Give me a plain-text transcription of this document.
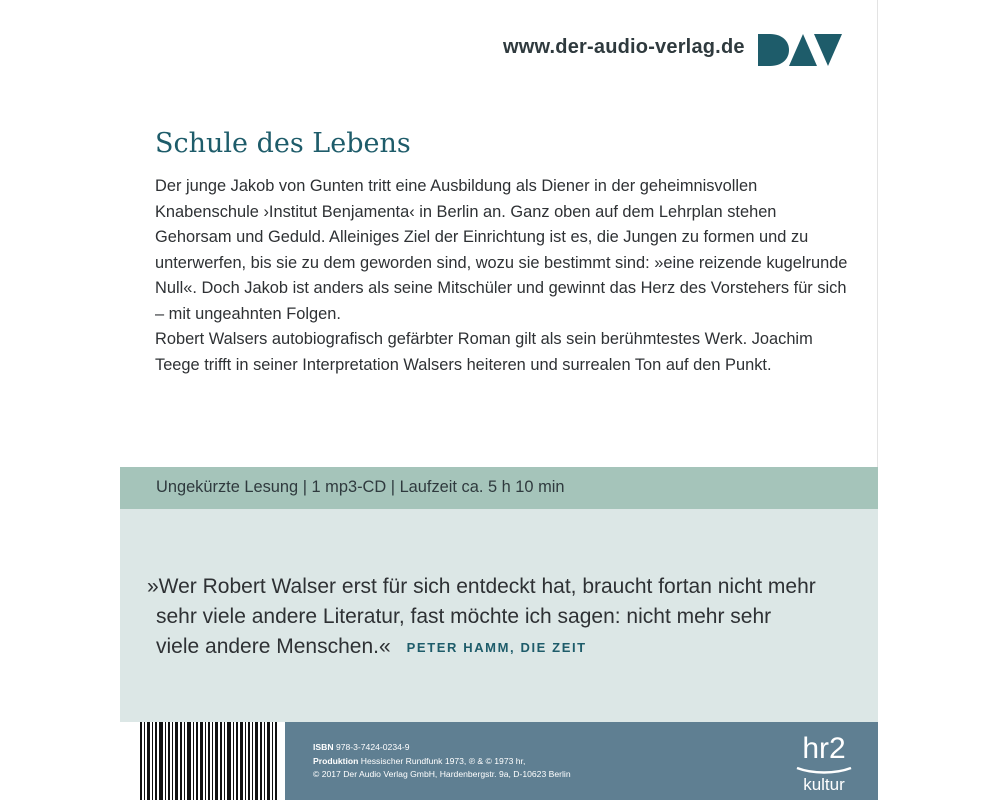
www.der-audio-verlag.de
Schule des Lebens

Der junge Jakob von Gunten tritt eine Ausbildung als Diener in der geheimnisvollen Knabenschule ›Institut Benjamenta‹ in Berlin an. Ganz oben auf dem Lehrplan stehen Gehorsam und Geduld. Alleiniges Ziel der Einrichtung ist es, die Jungen zu formen und zu unterwerfen, bis sie zu dem geworden sind, wozu sie bestimmt sind: »eine reizende kugelrunde Null«. Doch Jakob ist anders als seine Mitschüler und gewinnt das Herz des Vorstehers für sich – mit ungeahnten Folgen.

Robert Walsers autobiografisch gefärbter Roman gilt als sein berühmtestes Werk. Joachim Teege trifft in seiner Interpretation Walsers heiteren und surrealen Ton auf den Punkt.

Ungekürzte Lesung | 1 mp3-CD | Laufzeit ca. 5 h 10 min
»Wer Robert Walser erst für sich entdeckt hat, braucht fortan nicht mehr
sehr viele andere Literatur, fast möchte ich sagen: nicht mehr sehr
viele andere Menschen.« PETER HAMM, DIE ZEIT
ISBN 978-3-7424-0234-9
Produktion Hessischer Rundfunk 1973, ℗ & © 1973 hr,
© 2017 Der Audio Verlag GmbH, Hardenbergstr. 9a, D-10623 Berlin
hr2
kultur
